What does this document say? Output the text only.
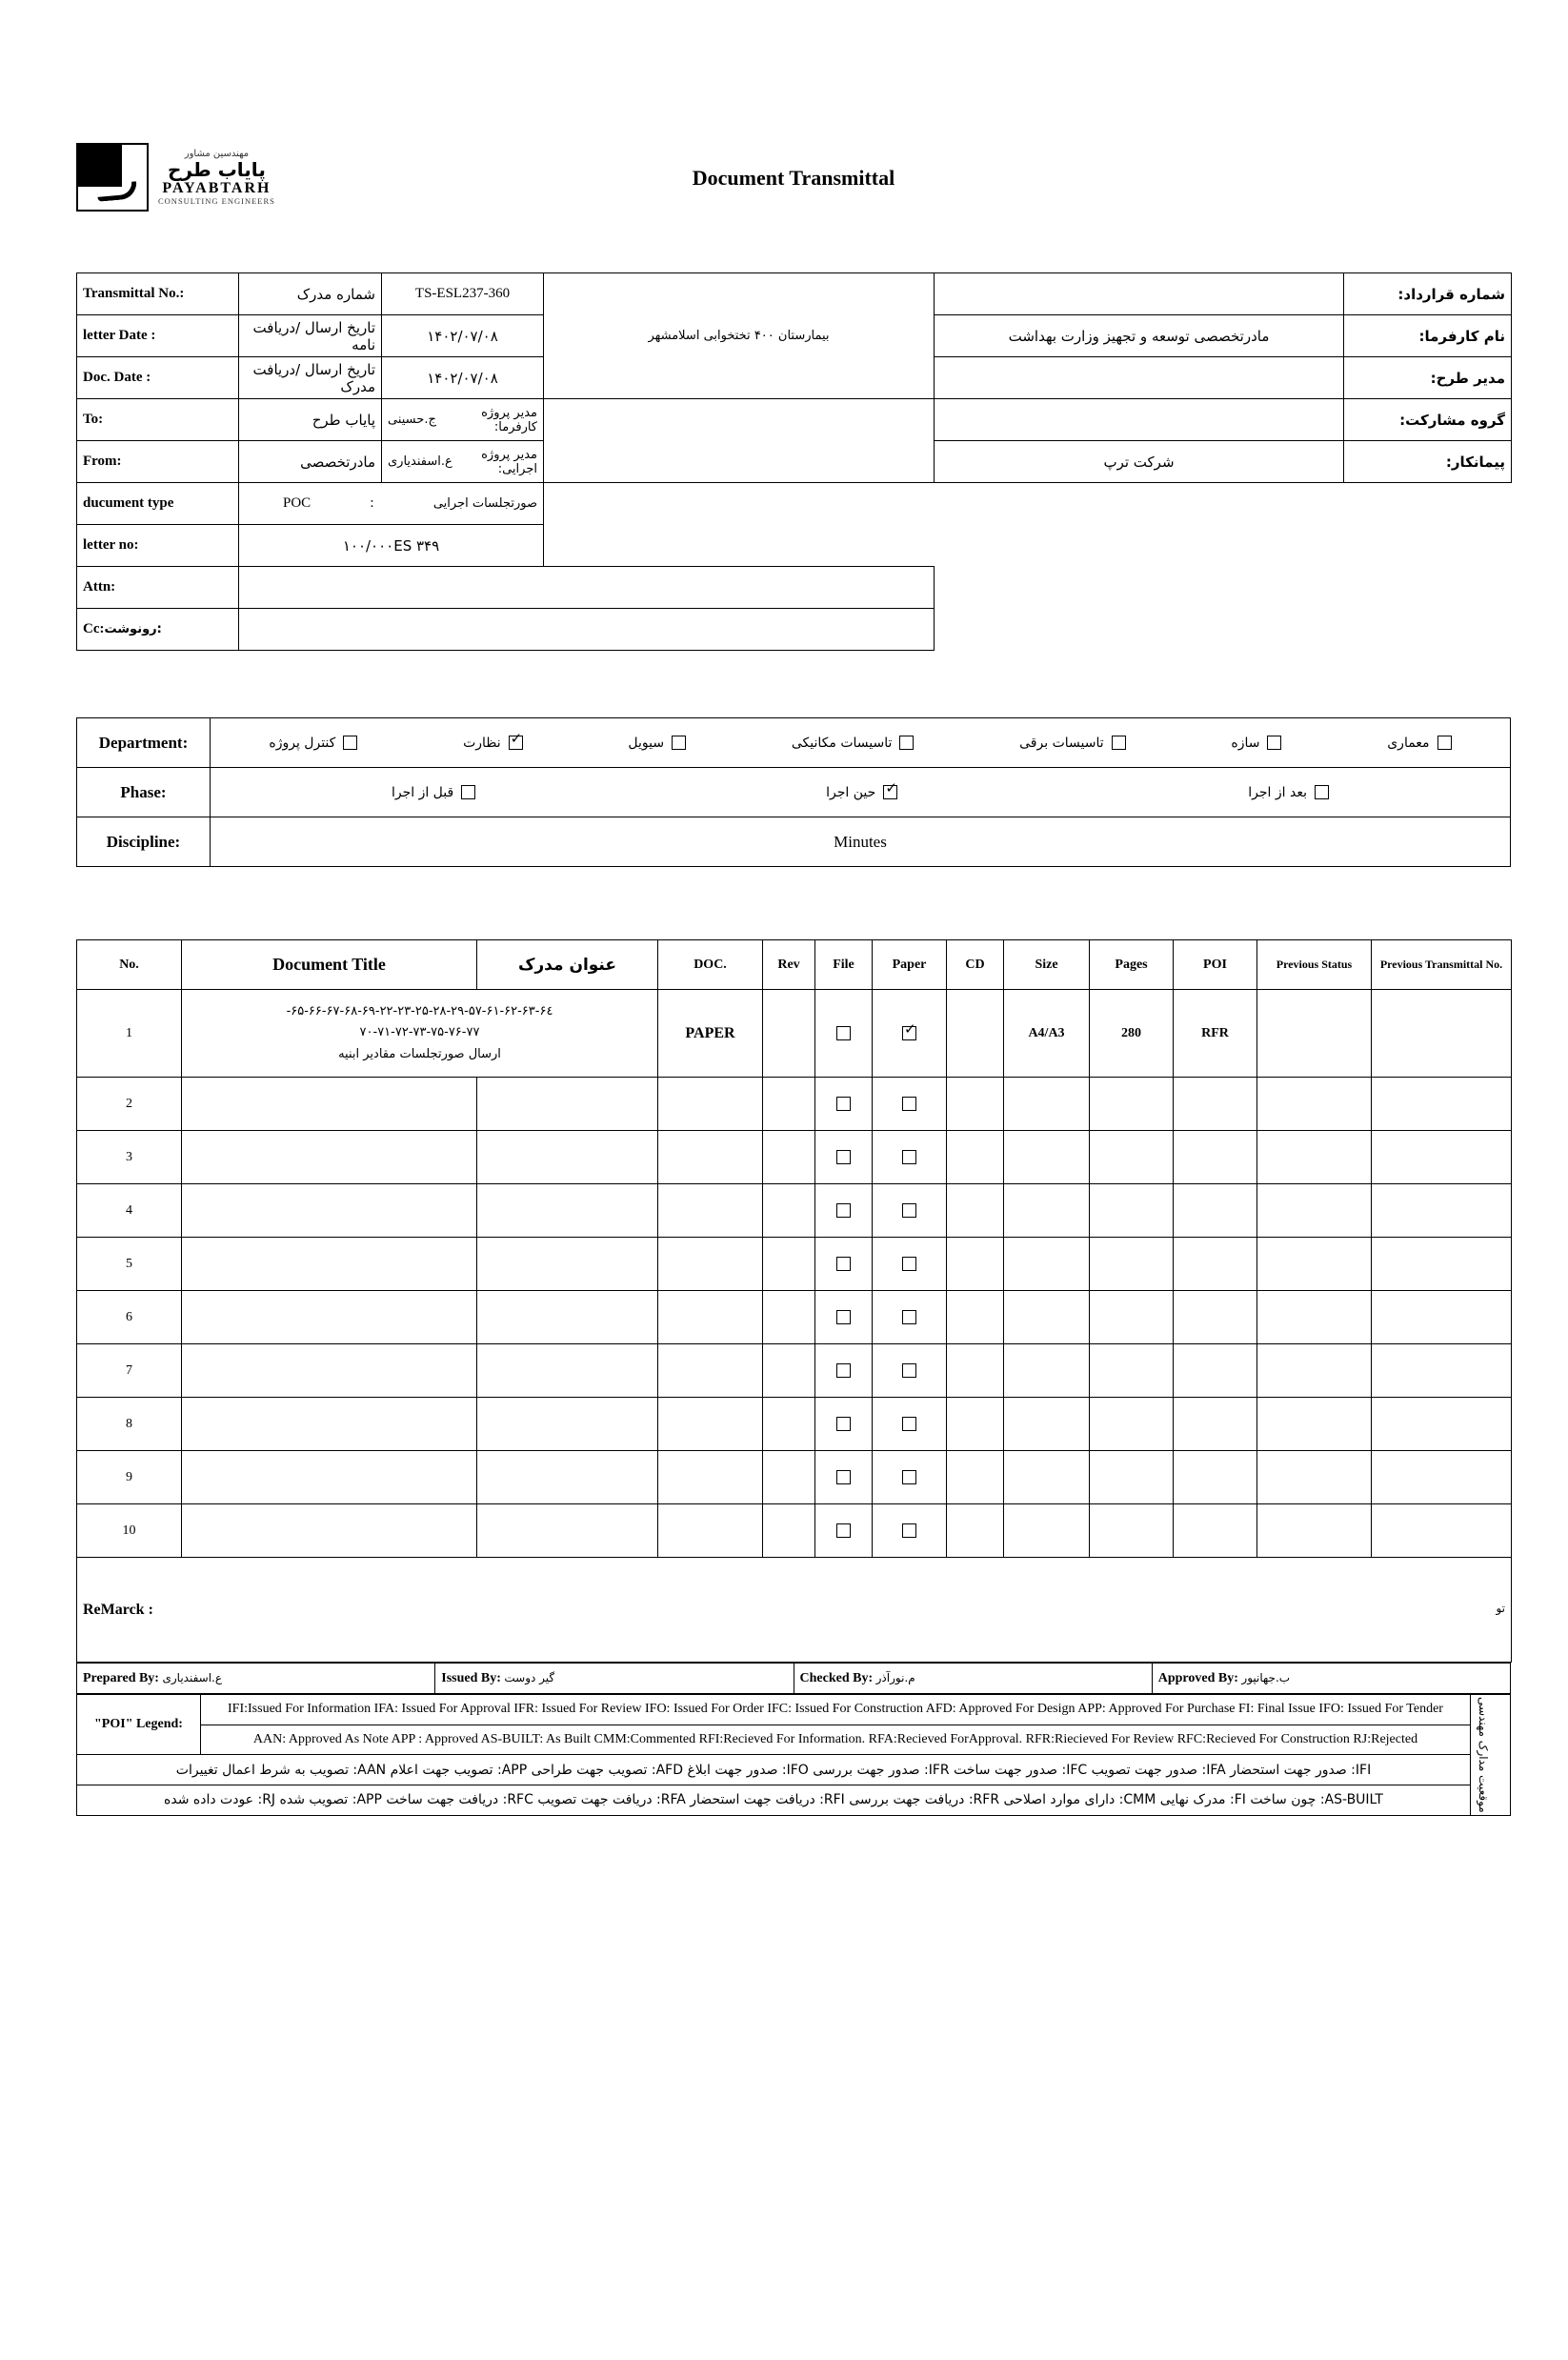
مهندسین مشاور
پایاب طرح
PAYABTARH
CONSULTING ENGINEERS
Document Transmittal
Transmittal No.:	شماره مدرک	TS-ESL237-360	بیمارستان ۴۰۰ تختخوابی اسلامشهر		شماره قرارداد:
letter Date :	تاریخ ارسال /دریافت نامه	۱۴۰۲/۰۷/۰۸		مادرتخصصی توسعه و تجهیز وزارت بهداشت	نام کارفرما:
Doc. Date :	تاریخ ارسال /دریافت مدرک	۱۴۰۲/۰۷/۰۸			مدیر طرح:
To:	پایاب طرح	ج.حسینی مدیر پروژه کارفرما:			گروه مشارکت:
From:	مادرتخصصی	ع.اسفندیاری مدیر پروژه اجرایی:		شرکت ترپ	پیمانکار:
ducument type	POC : صورتجلسات اجرایی				

letter no:	۱۰۰/۰۰۰ES ۳۴۹				
Attn:					
Cc:رونوشت:					
Department:	کنترل پروژه ✓	نظارت	سیویل	تاسیسات مکانیکی	تاسیسات برقی	سازه	معماری

Phase:	قبل از اجرا ✓ حین اجرا بعد از اجرا

Discipline:	Minutes
No.	Document Title	عنوان مدرک	DOC.	Rev	File	Paper	CD	Size	Pages	POI	Previous Status	Previous Transmittal No.
1	۲۲-۲۳-۲۵-۲۸-۲۹-۵۷-۶۱-۶۲-۶۳-۶٤-۶۵-۶۶-۶۷-۶۸-۶۹-
۷۰-۷۱-۷۲-۷۳-۷۵-۷۶-۷۷
ارسال صورتجلسات مقادیر ابنیه		PAPER			✓		A4/A3	280	RFR		
2												
3												
4												
5												
6												
7												
8												
9												
10												

ReMarck : تو												
Prepared By: ع.اسفندیاری	Issued By: گیر دوست	Checked By: م.نورآذر	Approved By: ب.جهانپور
"POI" Legend:	IFI:Issued For Information IFA: Issued For Approval IFR: Issued For Review IFO: Issued For Order IFC: Issued For Construction AFD: Approved For Design APP: Approved For Purchase FI: Final Issue IFO: Issued For Tender	موقعیت مدارک مهندسی

AAN: Approved As Note APP : Approved AS-BUILT: As Built CMM:Commented RFI:Recieved For Information. RFA:Recieved ForApproval. RFR:Riecieved For Review RFC:Recieved For Construction RJ:Rejected
IFI: صدور جهت استحضار IFA: صدور جهت تصویب IFC: صدور جهت ساخت IFR: صدور جهت بررسی IFO: صدور جهت ابلاغ AFD: تصویب جهت طراحی APP: تصویب جهت اعلام AAN: تصویب به شرط اعمال تغییرات
AS-BUILT: چون ساخت FI: مدرک نهایی CMM: دارای موارد اصلاحی RFR: دریافت جهت بررسی RFI: دریافت جهت استحضار RFA: دریافت جهت تصویب RFC: دریافت جهت ساخت APP: تصویب شده RJ: عودت داده شده
